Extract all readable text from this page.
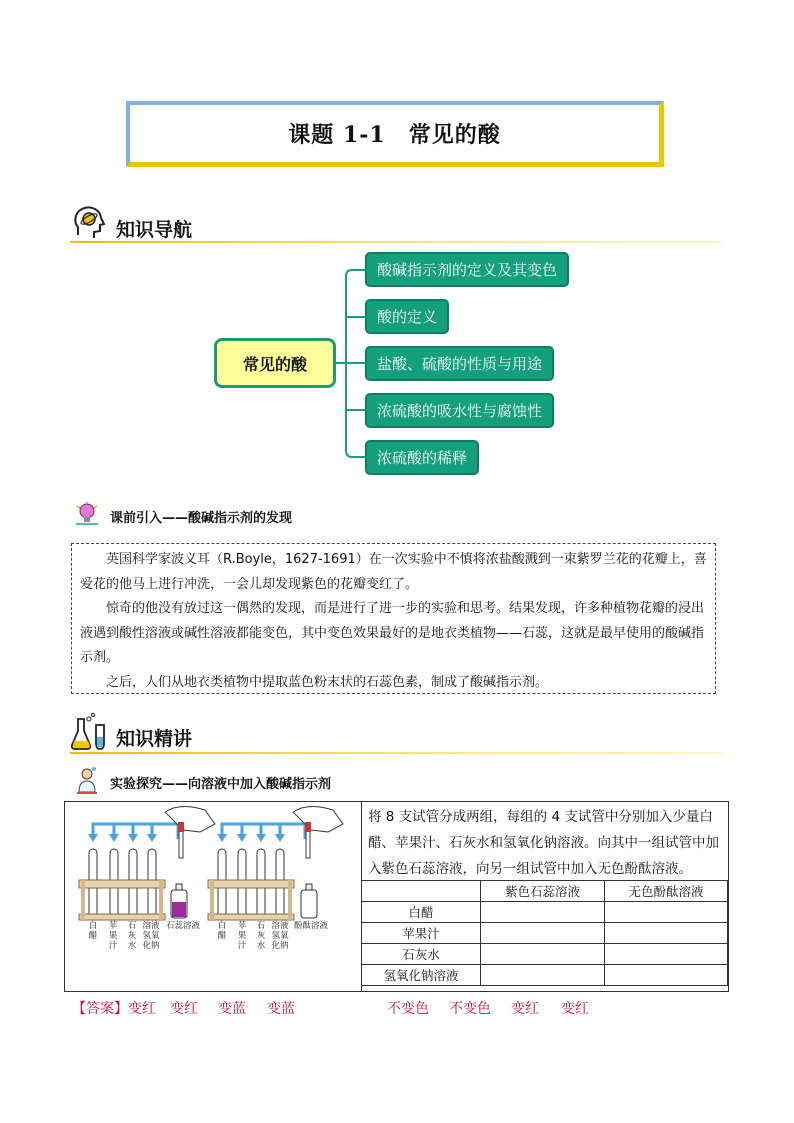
课题 1-1　常见的酸
知识导航
常见的酸
酸碱指示剂的定义及其变色
酸的定义
盐酸、硫酸的性质与用途
浓硫酸的吸水性与腐蚀性
浓硫酸的稀释
课前引入——酸碱指示剂的发现

英国科学家波义耳（R.Boyle，1627-1691）在一次实验中不慎将浓盐酸溅到一束紫罗兰花的花瓣上，喜爱花的他马上进行冲洗，一会儿却发现紫色的花瓣变红了。

惊奇的他没有放过这一偶然的发现，而是进行了进一步的实验和思考。结果发现，许多种植物花瓣的浸出液遇到酸性溶液或碱性溶液都能变色，其中变色效果最好的是地衣类植物——石蕊，这就是最早使用的酸碱指示剂。

之后，人们从地衣类植物中提取蓝色粉末状的石蕊色素，制成了酸碱指示剂。

知识精讲
实验探究——向溶液中加入酸碱指示剂
白醋
苹果汁
石灰水
溶液氢氧化钠
石蕊溶液	白醋
苹果汁
石灰水
溶液氢氧化钠
酚酞溶液
将 8 支试管分成两组，每组的 4 支试管中分别加入少量白醋、苹果汁、石灰水和氢氧化钠溶液。向其中一组试管中加入紫色石蕊溶液，向另一组试管中加入无色酚酞溶液。
	紫色石蕊溶液	无色酚酞溶液
白醋		
苹果汁		
石灰水		
氢氧化钠溶液		
【答案】变红 变红 变蓝 变蓝	不变色 不变色 变红 变红
